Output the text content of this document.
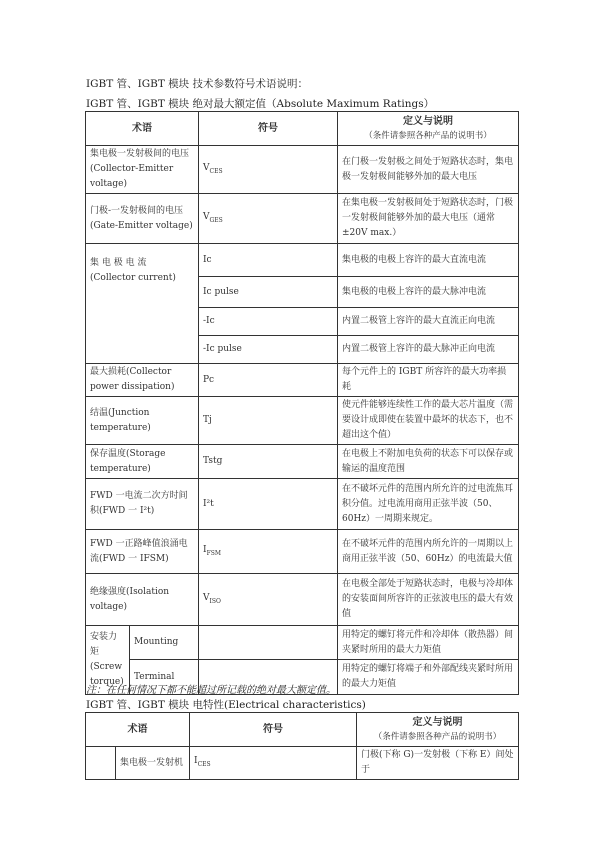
IGBT 管、IGBT 模块 技术参数符号术语说明：
IGBT 管、IGBT 模块 绝对最大额定值（Absolute Maximum Ratings）
术语		符号	定义与说明
（条件请参照各种产品的说明书）

集电极一发射极间的电压(Collector-Emitter voltage)		$V_{CES}$	在门极一发射极之间处于短路状态时，集电极一发射极间能够外加的最大电压
门极-一发射极间的电压(Gate-Emitter voltage)		$V_{GES}$	在集电极一发射极间处于短路状态时，门极一发射极间能够外加的最大电压（通常±20V max.）
集 电 极 电 流 (Collector current)		Ic	集电极的电极上容许的最大直流电流
		Ic pulse	集电极的电极上容许的最大脉冲电流
		-Ic	内置二极管上容许的最大直流正向电流
		-Ic pulse	内置二极管上容许的最大脉冲正向电流
最大损耗(Collector power dissipation)		Pc	每个元件上的 IGBT 所容许的最大功率损耗
结温(Junction temperature)		Tj	使元件能够连续性工作的最大芯片温度（需要设计成即使在装置中最坏的状态下，也不超出这个值）
保存温度(Storage temperature)		Tstg	在电极上不附加电负荷的状态下可以保存或输运的温度范围
FWD 一电流二次方时间积(FWD 一 I²t)		I²t	在不破坏元件的范围内所允许的过电流焦耳积分值。过电流用商用正弦半波（50、60Hz）一周期来规定。
FWD 一正路峰值浪涌电流(FWD 一 IFSM)		$I_{FSM}$	在不破坏元件的范围内所允许的一周期以上商用正弦半波（50、60Hz）的电流最大值
绝缘强度(Isolation voltage)		$V_{ISO}$	在电极全部处于短路状态时，电极与冷却体的安装面间所容许的正弦波电压的最大有效值
安装力矩(Screw torque)	Mounting		用特定的螺钉将元件和冷却体（散热器）间夹紧时所用的最大力矩值
	Terminal		用特定的螺钉将端子和外部配线夹紧时所用的最大力矩值
注：在任何情况下都不能超过所记载的绝对最大额定值。
IGBT 管、IGBT 模块 电特性(Electrical characteristics)
术语		符号	定义与说明
（条件请参照各种产品的说明书）

	集电极一发射机	$I_{CES}$	门极(下称 G)一发射极（下称 E）间处于
